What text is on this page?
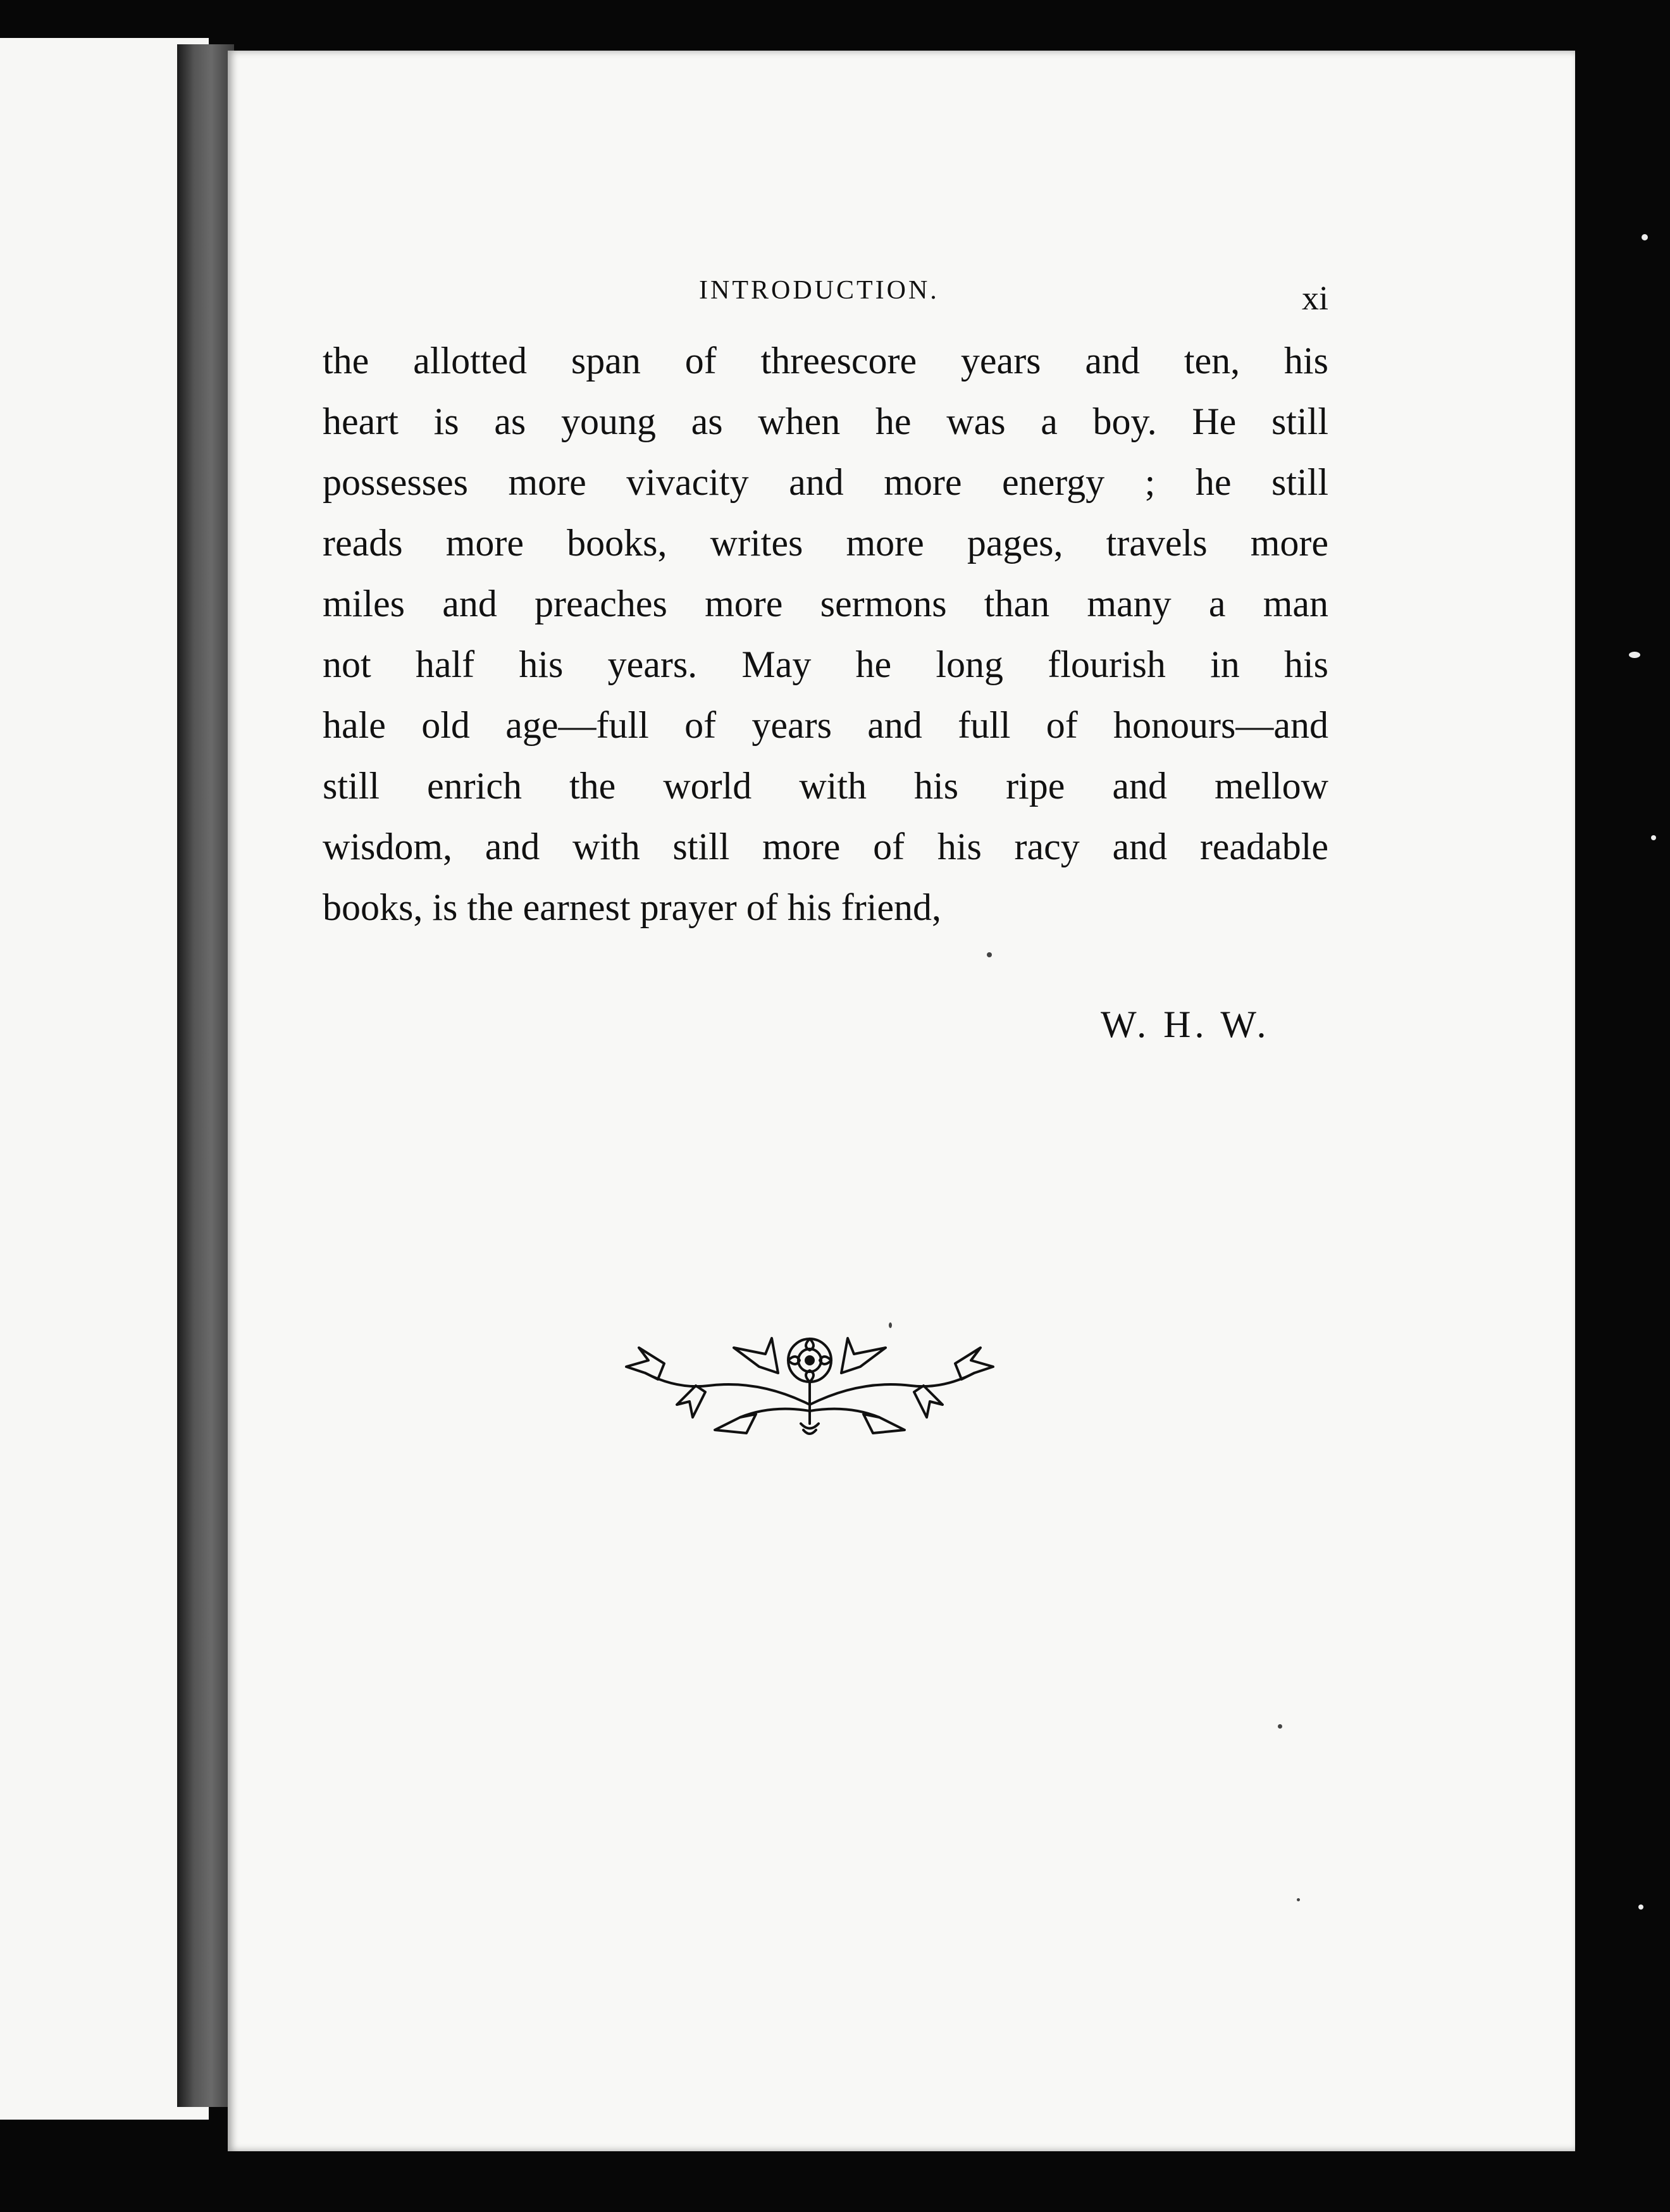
INTRODUCTION.	xi
the allotted span of threescore years and ten, his
heart is as young as when he was a boy. He still
possesses more vivacity and more energy ; he still
reads more books, writes more pages, travels more
miles and preaches more sermons than many a man
not half his years. May he long flourish in his
hale old age—full of years and full of honours—and
still enrich the world with his ripe and mellow
wisdom, and with still more of his racy and readable
books, is the earnest prayer of his friend,
W. H. W.
